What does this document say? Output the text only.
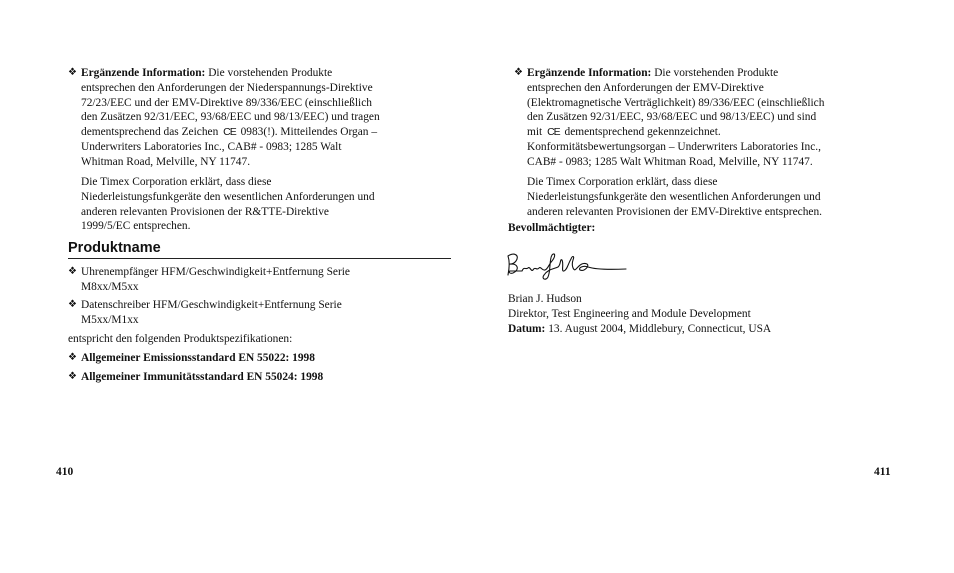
❖ Ergänzende Information: Die vorstehenden Produkte
entsprechen den Anforderungen der Niederspannungs-Direktive
72/23/EEC und der EMV-Direktive 89/336/EEC (einschließlich
den Zusätzen 92/31/EEC, 93/68/EEC und 98/13/EEC) und tragen
dementsprechend das Zeichen CE 0983(!). Mitteilendes Organ –
Underwriters Laboratories Inc., CAB# - 0983; 1285 Walt
Whitman Road, Melville, NY 11747.
Die Timex Corporation erklärt, dass diese
Niederleistungsfunkgeräte den wesentlichen Anforderungen und
anderen relevanten Provisionen der R&TTE-Direktive
1999/5/EC entsprechen.
Produktname
❖ Uhrenempfänger HFM/Geschwindigkeit+Entfernung Serie
M8xx/M5xx
❖ Datenschreiber HFM/Geschwindigkeit+Entfernung Serie
M5xx/M1xx
entspricht den folgenden Produktspezifikationen:
❖ Allgemeiner Emissionsstandard EN 55022: 1998
❖ Allgemeiner Immunitätsstandard EN 55024: 1998
410
❖ Ergänzende Information: Die vorstehenden Produkte
entsprechen den Anforderungen der EMV-Direktive
(Elektromagnetische Verträglichkeit) 89/336/EEC (einschließlich
den Zusätzen 92/31/EEC, 93/68/EEC und 98/13/EEC) und sind
mit CE dementsprechend gekennzeichnet.
Konformitätsbewertungsorgan – Underwriters Laboratories Inc.,
CAB# - 0983; 1285 Walt Whitman Road, Melville, NY 11747.
Die Timex Corporation erklärt, dass diese
Niederleistungsfunkgeräte den wesentlichen Anforderungen und
anderen relevanten Provisionen der EMV-Direktive entsprechen.
Bevollmächtigter:
Brian J. Hudson
Direktor, Test Engineering and Module Development
Datum: 13. August 2004, Middlebury, Connecticut, USA
411
